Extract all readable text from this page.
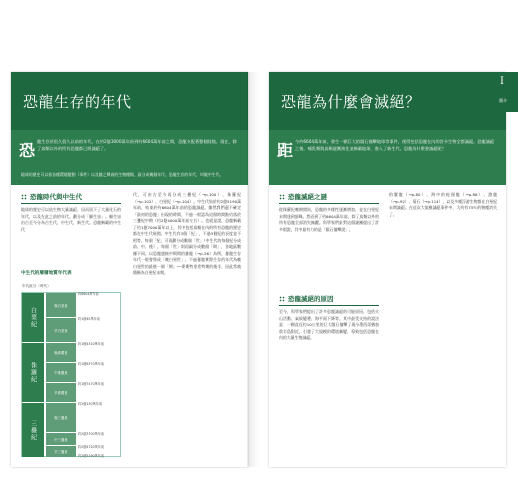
恐龍生存的年代
恐 龍生存於很久很久以前的年代。在約2億3000萬年前到約6604萬年前之間，恐龍支配著整個陸地。現在，除了鳥類以外的所有恐龍都已經滅絕了。
地球的歷史可以依各種環境變動（事件）以及隨之興衰的生物種類，區分成幾個年代。恐龍生存的年代，叫做中生代。
恐龍時代與中生代
地球的歷史可以依生物大量滅絕、因而留下了大量化石的年代，以及在此之前的年代，劃分成「顯生宙」。顯生宙由古至今分為古生代、中生代、新生代。恐龍稱霸的中生代
中生代的層層地質年代表
年代區分（時代）
白堊紀
侏羅紀
三疊紀
晚白堊世
早白堊世
晚侏羅世
中侏羅世
早侏羅世
晚三疊世
中三疊世
早三疊世
約6604萬年前
約1億45萬年前
約1億4310萬年前
約1億6370萬年前
約1億7470萬年前
約2億130萬年前
約2億3700萬年前
約2億4720萬年前
約2億5190萬年前
代，可由古至今再分成三疊紀（→p.100）、侏羅紀（→p.102）、白堊紀（→p.104）。中生代始於約2億5190萬年前，結束於約6604萬年前的恐龍滅絕。雖然我們還不確定「最初的恐龍」出現的時間，不過一般認為這個時間點約落於三疊紀中期（約2億4000萬年前左右）。也就是說，恐龍稱霸了約1億7000萬年以上，其中包括鳥類在內的所有恐龍的歷史都在中生代展開。中生代有3個「紀」，不過3個紀的長度並不相等。每個「紀」可再劃分成數個「世」（中生代的每個紀分成前、中、後）。每個「世」則再細分成數個「期」，各地區數據不同。以恐龍盛極中期間的暴龍（→p.26）為例，暴龍生存年代一般會寫成「晚白堊世」。不過暴龍實際生存的年代為晚白堊世的最後一個「期」──麥斯特里希特期的後半，因此常被簡稱為白堊紀末期。
恐龍為什麼會滅絕？
距 今約6604萬年前，發生一顆巨大的隕石撞擊地球等事件，使得包括恐龍在內的許多生物全都滅絕。恐龍滅絕之後，哺乳類與鳥類逐漸演化並稱霸地球，進入了新生代。恐龍為什麼會滅絕呢？
恐龍滅絕之謎
從侏羅紀晚期開始，恐龍的多樣性逐漸增加，並在白堊紀末期達到頂峰。然而到了約6604萬年前，除了鳥類以外的所有恐龍全部消失無蹤。科學家們針對這個謎團提出了許多假說，其中最有力的是「隕石撞擊說」。
恐龍滅絕的原因
至今，科學家們提出了許多恐龍滅絕的可能原因，包括火山活動、氣候變遷、海平面下降等。其中最受支持的說法是：一顆直徑約10公里的巨大隕石撞擊了現今墨西哥猶加敦半島附近，引發了大規模的環境劇變，導致包括恐龍在內的大量生物滅絕。
的翼龍（→p.80）、海中的蛇頸龍（→p.86）、滄龍（→p.92）、菊石（→p.114），以及多種浮游生物都在白堊紀末期滅絕。在這次大規模滅絕事件中，大約有75％的物種消失了。
I
簡介
